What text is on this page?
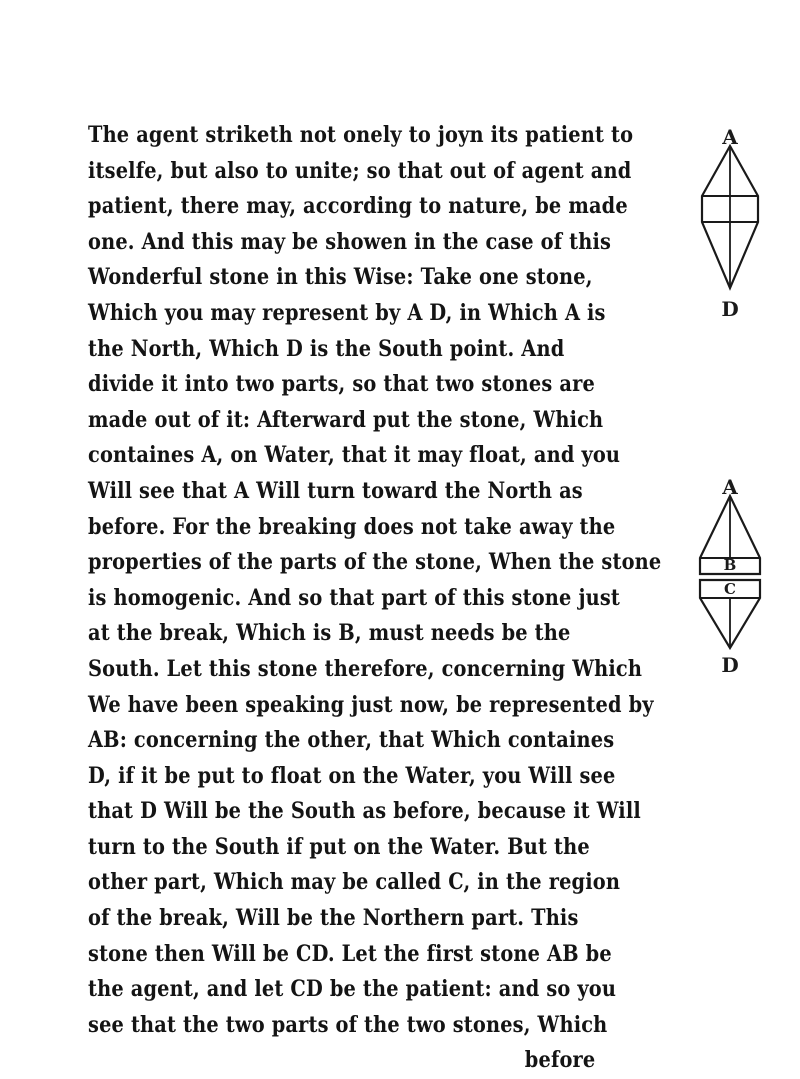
The agent striketh not onely to joyn its patient to
itselfe, but also to unite; so that out of agent and
patient, there may, according to nature, be made
one. And this may be showen in the case of this
Wonderful stone in this Wise: Take one stone,
Which you may represent by A D, in Which A is
the North, Which D is the South point. And
divide it into two parts, so that two stones are
made out of it: Afterward put the stone, Which
containes A, on Water, that it may float, and you
Will see that A Will turn toward the North as
before. For the breaking does not take away the
properties of the parts of the stone, When the stone
is homogenic. And so that part of this stone just
at the break, Which is B, must needs be the
South. Let this stone therefore, concerning Which
We have been speaking just now, be represented by
AB: concerning the other, that Which containes
D, if it be put to float on the Water, you Will see
that D Will be the South as before, because it Will
turn to the South if put on the Water. But the
other part, Which may be called C, in the region
of the break, Will be the Northern part. This
stone then Will be CD. Let the first stone AB be
the agent, and let CD be the patient: and so you
see that the two parts of the two stones, Which
before
A
D
A
B
C
D
